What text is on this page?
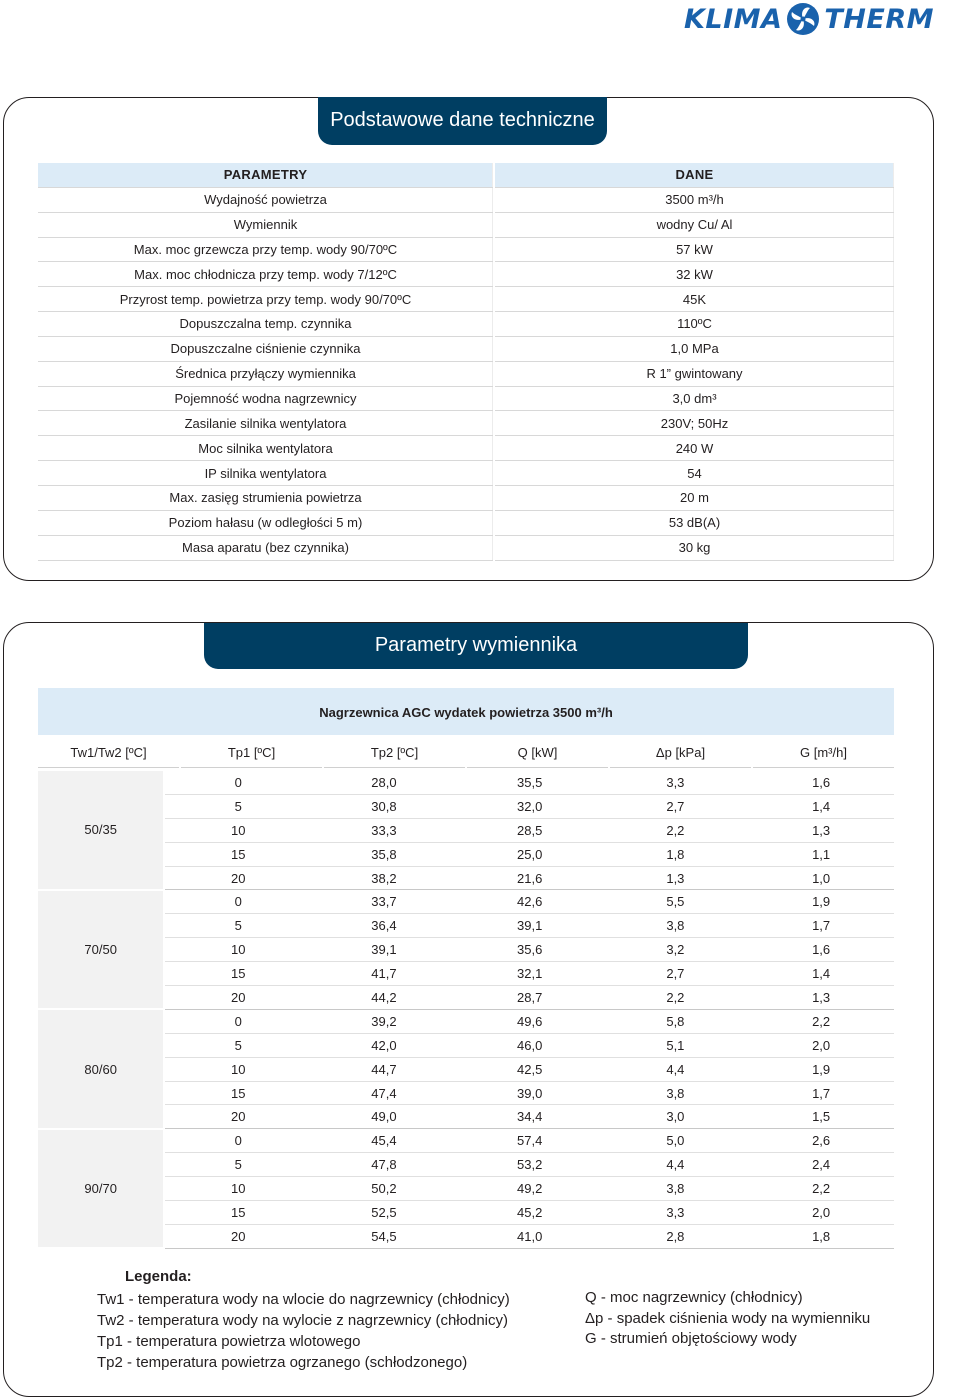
KLIMA THERM
Podstawowe dane techniczne
PARAMETRY		DANE
Wydajność powietrza		3500 m³/h
Wymiennik		wodny Cu/ Al
Max. moc grzewcza przy temp. wody 90/70ºC		57 kW
Max. moc chłodnicza przy temp. wody 7/12ºC		32 kW
Przyrost temp. powietrza przy temp. wody 90/70ºC		45K
Dopuszczalna temp. czynnika		110ºC
Dopuszczalne ciśnienie czynnika		1,0 MPa
Średnica przyłączy wymiennika		R 1” gwintowany
Pojemność wodna nagrzewnicy		3,0 dm³
Zasilanie silnika wentylatora		230V; 50Hz
Moc silnika wentylatora		240 W
IP silnika wentylatora		54
Max. zasięg strumienia powietrza		20 m
Poziom hałasu (w odległości 5 m)		53 dB(A)
Masa aparatu (bez czynnika)		30 kg
Parametry wymiennika
Nagrzewnica AGC wydatek powietrza 3500 m³/h
Tw1/Tw2 [ºC]	Tp1 [ºC]	Tp2 [ºC]	Q [kW]	Δp [kPa]	G [m³/h]
50/35	0	28,0	35,5	3,3	1,6
	5	30,8	32,0	2,7	1,4
	10	33,3	28,5	2,2	1,3
	15	35,8	25,0	1,8	1,1
	20	38,2	21,6	1,3	1,0
70/50	0	33,7	42,6	5,5	1,9
	5	36,4	39,1	3,8	1,7
	10	39,1	35,6	3,2	1,6
	15	41,7	32,1	2,7	1,4
	20	44,2	28,7	2,2	1,3
80/60	0	39,2	49,6	5,8	2,2
	5	42,0	46,0	5,1	2,0
	10	44,7	42,5	4,4	1,9
	15	47,4	39,0	3,8	1,7
	20	49,0	34,4	3,0	1,5
90/70	0	45,4	57,4	5,0	2,6
	5	47,8	53,2	4,4	2,4
	10	50,2	49,2	3,8	2,2
	15	52,5	45,2	3,3	2,0
	20	54,5	41,0	2,8	1,8
Legenda:
Tw1 - temperatura wody na wlocie do nagrzewnicy (chłodnicy)
Tw2 - temperatura wody na wylocie z nagrzewnicy (chłodnicy)
Tp1 - temperatura powietrza wlotowego
Tp2 - temperatura powietrza ogrzanego (schłodzonego)
Q - moc nagrzewnicy (chłodnicy)
Δp - spadek ciśnienia wody na wymienniku
G - strumień objętościowy wody
